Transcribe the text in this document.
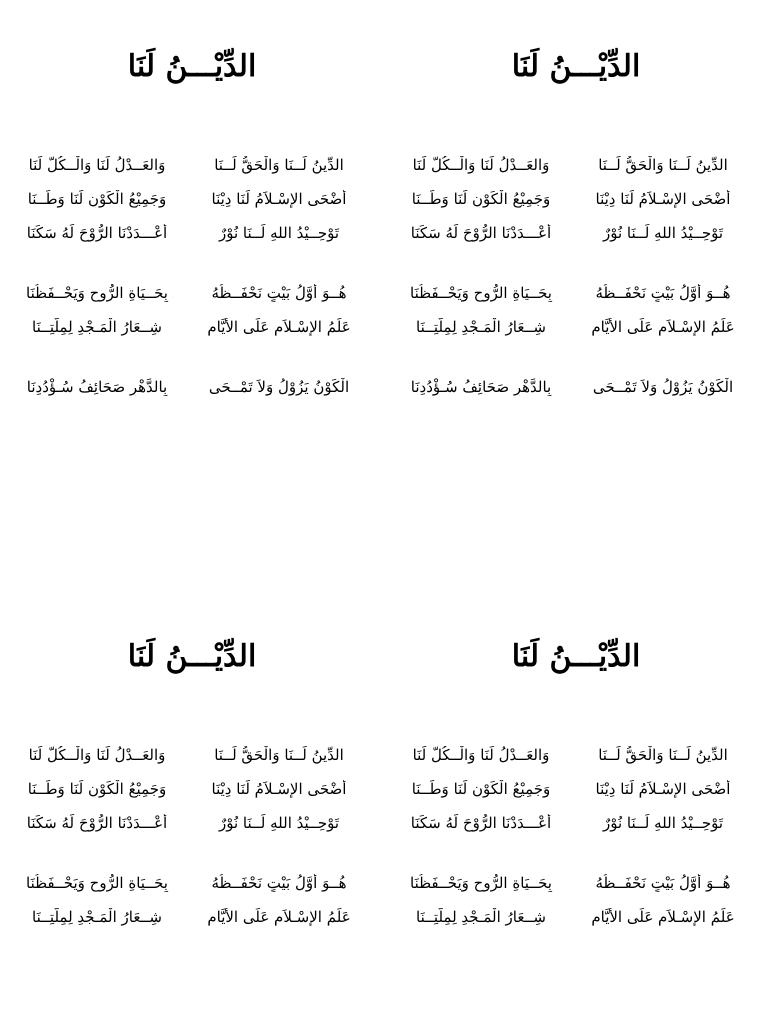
الدِّيْـــنُ لَنَا
الدِّينُ لَــنَا وَالْحَقُّ لَــنَا
وَالعَــدْلُ لَنَا وَالْــكُلُّ لَنَا
أَضْحَى الإِسْـلاَمُ لَنَا دِيْنَا
وَجَمِيْعُ الْكَوْنِ لَنَا وَطَــنَا
تَوْحِــيْدُ اللهِ لَــنَا نُوْرٌ
أَعْـــدَدْنَا الرُّوْحَ لَهُ سَكَنَا
هُــوَ أَوَّلُ بَيْتٍ نَحْفَــظُهُ
بِحَــيَاةِ الرُّوحِ وَيَحْــفَظُنَا
عَلَمُ الإِسْـلاَمِ عَلَى الأَيَّامِ
شِــعَارُ الْمَـجْدِ لِمِلَّتِــنَا
الْكَوْنُ يَزُوْلُ وَلاَ تَمْــحَى
بِالدَّهْرِ صَحَائِفُ سُـؤْدُدِنَا
الدِّيْـــنُ لَنَا
الدِّينُ لَــنَا وَالْحَقُّ لَــنَا
وَالعَــدْلُ لَنَا وَالْــكُلُّ لَنَا
أَضْحَى الإِسْـلاَمُ لَنَا دِيْنَا
وَجَمِيْعُ الْكَوْنِ لَنَا وَطَــنَا
تَوْحِــيْدُ اللهِ لَــنَا نُوْرٌ
أَعْـــدَدْنَا الرُّوْحَ لَهُ سَكَنَا
هُــوَ أَوَّلُ بَيْتٍ نَحْفَــظُهُ
بِحَــيَاةِ الرُّوحِ وَيَحْــفَظُنَا
عَلَمُ الإِسْـلاَمِ عَلَى الأَيَّامِ
شِــعَارُ الْمَـجْدِ لِمِلَّتِــنَا
الْكَوْنُ يَزُوْلُ وَلاَ تَمْــحَى
بِالدَّهْرِ صَحَائِفُ سُـؤْدُدِنَا
الدِّيْـــنُ لَنَا
الدِّينُ لَــنَا وَالْحَقُّ لَــنَا
وَالعَــدْلُ لَنَا وَالْــكُلُّ لَنَا
أَضْحَى الإِسْـلاَمُ لَنَا دِيْنَا
وَجَمِيْعُ الْكَوْنِ لَنَا وَطَــنَا
تَوْحِــيْدُ اللهِ لَــنَا نُوْرٌ
أَعْـــدَدْنَا الرُّوْحَ لَهُ سَكَنَا
هُــوَ أَوَّلُ بَيْتٍ نَحْفَــظُهُ
بِحَــيَاةِ الرُّوحِ وَيَحْــفَظُنَا
عَلَمُ الإِسْـلاَمِ عَلَى الأَيَّامِ
شِــعَارُ الْمَـجْدِ لِمِلَّتِــنَا
الدِّيْـــنُ لَنَا
الدِّينُ لَــنَا وَالْحَقُّ لَــنَا
وَالعَــدْلُ لَنَا وَالْــكُلُّ لَنَا
أَضْحَى الإِسْـلاَمُ لَنَا دِيْنَا
وَجَمِيْعُ الْكَوْنِ لَنَا وَطَــنَا
تَوْحِــيْدُ اللهِ لَــنَا نُوْرٌ
أَعْـــدَدْنَا الرُّوْحَ لَهُ سَكَنَا
هُــوَ أَوَّلُ بَيْتٍ نَحْفَــظُهُ
بِحَــيَاةِ الرُّوحِ وَيَحْــفَظُنَا
عَلَمُ الإِسْـلاَمِ عَلَى الأَيَّامِ
شِــعَارُ الْمَـجْدِ لِمِلَّتِــنَا
